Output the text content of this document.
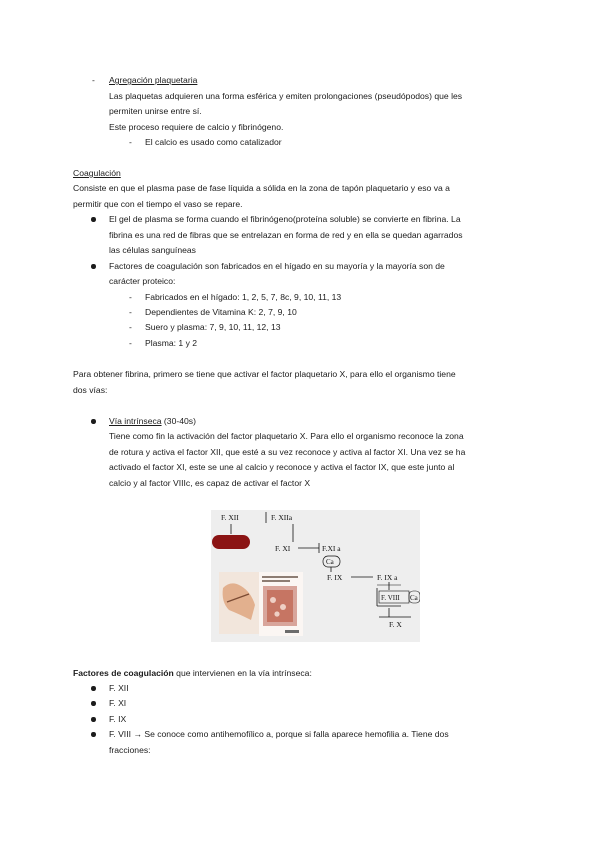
- Agregación plaquetaria
Las plaquetas adquieren una forma esférica y emiten prolongaciones (pseudópodos) que les
permiten unirse entre sí.
Este proceso requiere de calcio y fibrinógeno.
- El calcio es usado como catalizador
Coagulación
Consiste en que el plasma pase de fase líquida a sólida en la zona de tapón plaquetario y eso va a
permitir que con el tiempo el vaso se repare.
El gel de plasma se forma cuando el fibrinógeno(proteína soluble) se convierte en fibrina. La
fibrina es una red de fibras que se entrelazan en forma de red y en ella se quedan agarrados
las células sanguíneas
Factores de coagulación son fabricados en el hígado en su mayoría y la mayoría son de
carácter proteico:
- Fabricados en el hígado: 1, 2, 5, 7, 8c, 9, 10, 11, 13
- Dependientes de Vitamina K: 2, 7, 9, 10
- Suero y plasma: 7, 9, 10, 11, 12, 13
- Plasma: 1 y 2
Para obtener fibrina, primero se tiene que activar el factor plaquetario X, para ello el organismo tiene
dos vías:
Vía intrínseca (30-40s)
Tiene como fin la activación del factor plaquetario X. Para ello el organismo reconoce la zona
de rotura y activa el factor XII, que esté a su vez reconoce y activa al factor XI. Una vez se ha
activado el factor XI, este se une al calcio y reconoce y activa el factor IX, que este junto al
calcio y al factor VIIIc, es capaz de activar el factor X
F. XII	F. XIIa
F. XI	F.XI a
Ca
F. IX	F. IX a
F. VIII Ca
F. X
Factores de coagulación que intervienen en la vía intrínseca:
F. XII
F. XI
F. IX
F. VIII → Se conoce como antihemofílico a, porque si falla aparece hemofilia a. Tiene dos
fracciones:
